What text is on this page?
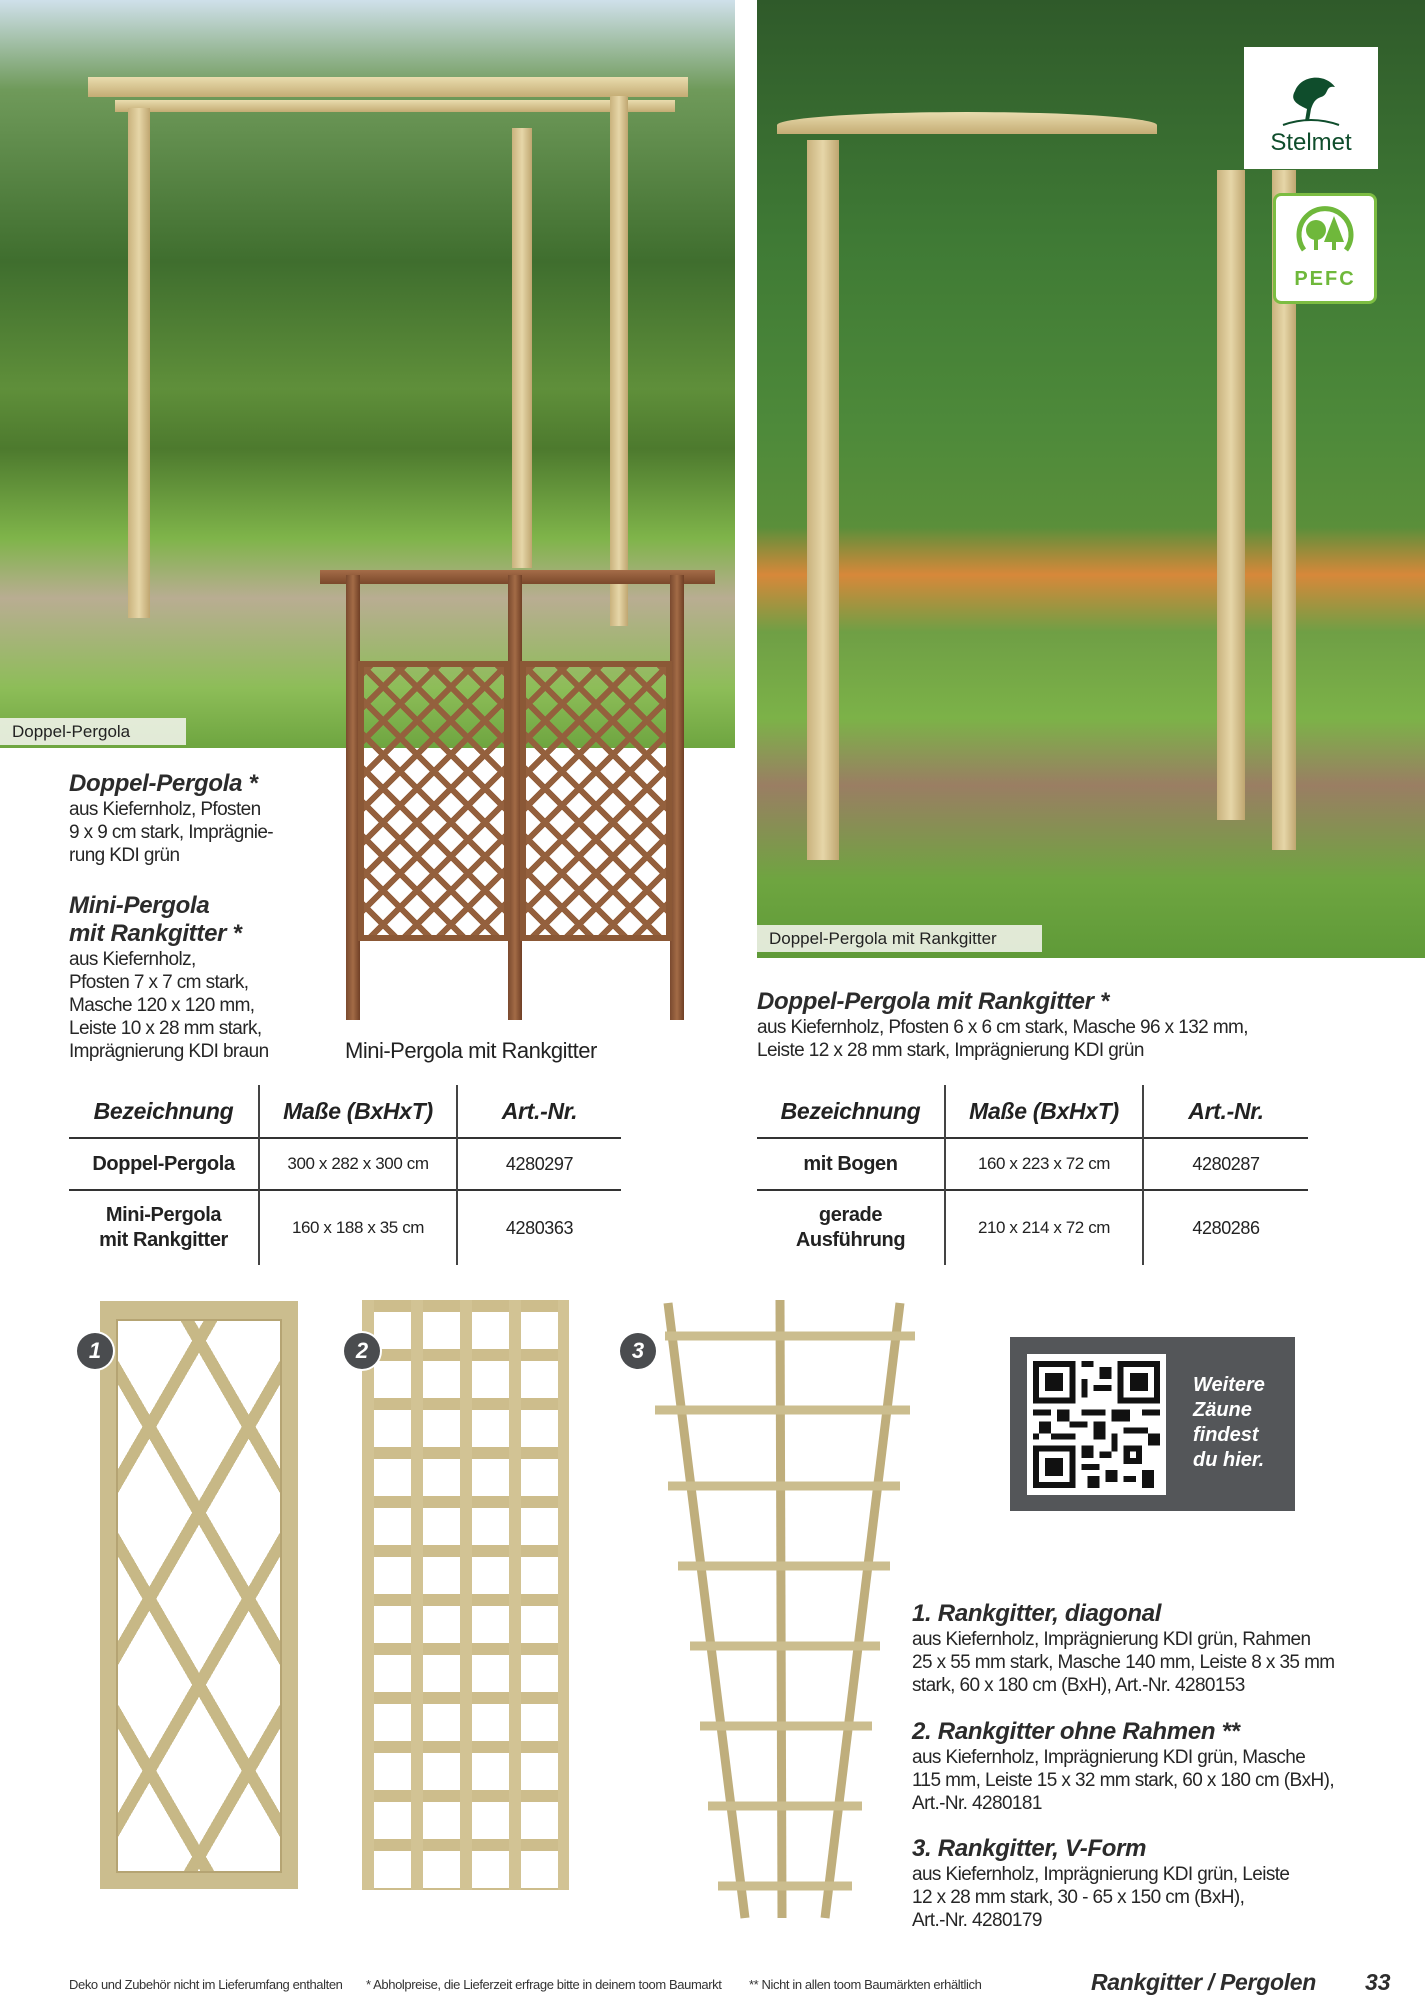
Doppel-Pergola
Mini-Pergola mit Rankgitter
Doppel-Pergola mit Rankgitter
Stelmet
PEFC
Doppel-Pergola *
aus Kiefernholz, Pfosten
9 x 9 cm stark, Imprägnie-
rung KDI grün
Mini-Pergola
mit Rankgitter *
aus Kiefernholz,
Pfosten 7 x 7 cm stark,
Masche 120 x 120 mm,
Leiste 10 x 28 mm stark,
Imprägnierung KDI braun
Doppel-Pergola mit Rankgitter *
aus Kiefernholz, Pfosten 6 x 6 cm stark, Masche 96 x 132 mm,
Leiste 12 x 28 mm stark, Imprägnierung KDI grün
Bezeichnung	Maße (BxHxT)	Art.-Nr.
Doppel-Pergola	300 x 282 x 300 cm	4280297

Mini-Pergola
mit Rankgitter	160 x 188 x 35 cm	4280363
Bezeichnung	Maße (BxHxT)	Art.-Nr.
mit Bogen	160 x 223 x 72 cm	4280287

gerade
Ausführung	210 x 214 x 72 cm	4280286
1	2	3
Weitere
Zäune
findest
du hier.
1. Rankgitter, diagonal
aus Kiefernholz, Imprägnierung KDI grün, Rahmen
25 x 55 mm stark, Masche 140 mm, Leiste 8 x 35 mm
stark, 60 x 180 cm (BxH), Art.-Nr. 4280153
2. Rankgitter ohne Rahmen **
aus Kiefernholz, Imprägnierung KDI grün, Masche
115 mm, Leiste 15 x 32 mm stark, 60 x 180 cm (BxH),
Art.-Nr. 4280181
3. Rankgitter, V-Form
aus Kiefernholz, Imprägnierung KDI grün, Leiste
12 x 28 mm stark, 30 - 65 x 150 cm (BxH),
Art.-Nr. 4280179
Deko und Zubehör nicht im Lieferumfang enthalten * Abholpreise, die Lieferzeit erfrage bitte in deinem toom Baumarkt ** Nicht in allen toom Baumärkten erhältlich	Rankgitter / Pergolen 33
